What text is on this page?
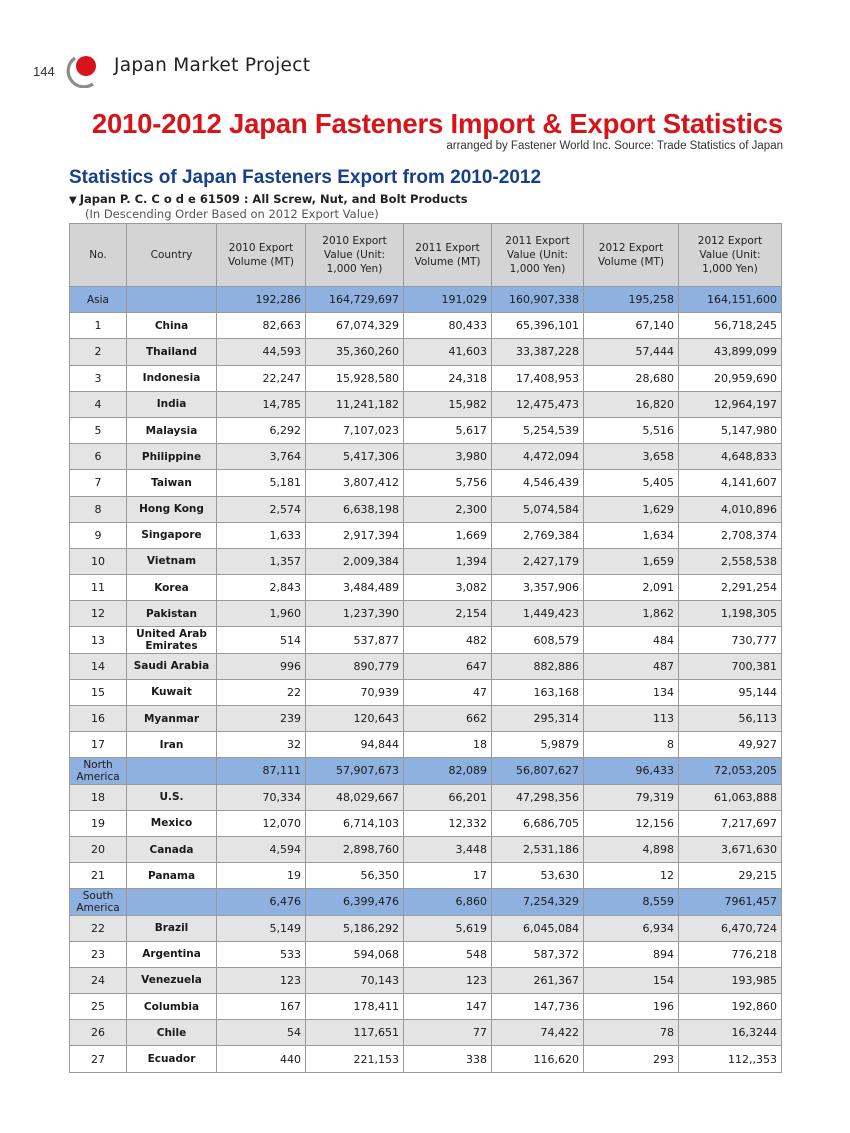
144	Japan Market Project
2010-2012 Japan Fasteners Import & Export Statistics
arranged by Fastener World Inc. Source: Trade Statistics of Japan
Statistics of Japan Fasteners Export from 2010-2012
▼ Japan P. C. C o d e 61509 : All Screw, Nut, and Bolt Products
(In Descending Order Based on 2012 Export Value)
No.	Country	2010 Export Volume (MT)	2010 Export Value (Unit: 1,000 Yen)	2011 Export Volume (MT)	2011 Export Value (Unit: 1,000 Yen)	2012 Export Volume (MT)	2012 Export Value (Unit: 1,000 Yen)
Asia		192,286	164,729,697	191,029	160,907,338	195,258	164,151,600
1	China	82,663	67,074,329	80,433	65,396,101	67,140	56,718,245
2	Thailand	44,593	35,360,260	41,603	33,387,228	57,444	43,899,099
3	Indonesia	22,247	15,928,580	24,318	17,408,953	28,680	20,959,690
4	India	14,785	11,241,182	15,982	12,475,473	16,820	12,964,197
5	Malaysia	6,292	7,107,023	5,617	5,254,539	5,516	5,147,980
6	Philippine	3,764	5,417,306	3,980	4,472,094	3,658	4,648,833
7	Taiwan	5,181	3,807,412	5,756	4,546,439	5,405	4,141,607
8	Hong Kong	2,574	6,638,198	2,300	5,074,584	1,629	4,010,896
9	Singapore	1,633	2,917,394	1,669	2,769,384	1,634	2,708,374
10	Vietnam	1,357	2,009,384	1,394	2,427,179	1,659	2,558,538
11	Korea	2,843	3,484,489	3,082	3,357,906	2,091	2,291,254
12	Pakistan	1,960	1,237,390	2,154	1,449,423	1,862	1,198,305
13	United Arab Emirates	514	537,877	482	608,579	484	730,777
14	Saudi Arabia	996	890,779	647	882,886	487	700,381
15	Kuwait	22	70,939	47	163,168	134	95,144
16	Myanmar	239	120,643	662	295,314	113	56,113
17	Iran	32	94,844	18	5,9879	8	49,927
North America		87,111	57,907,673	82,089	56,807,627	96,433	72,053,205
18	U.S.	70,334	48,029,667	66,201	47,298,356	79,319	61,063,888
19	Mexico	12,070	6,714,103	12,332	6,686,705	12,156	7,217,697
20	Canada	4,594	2,898,760	3,448	2,531,186	4,898	3,671,630
21	Panama	19	56,350	17	53,630	12	29,215
South America		6,476	6,399,476	6,860	7,254,329	8,559	7961,457
22	Brazil	5,149	5,186,292	5,619	6,045,084	6,934	6,470,724
23	Argentina	533	594,068	548	587,372	894	776,218
24	Venezuela	123	70,143	123	261,367	154	193,985
25	Columbia	167	178,411	147	147,736	196	192,860
26	Chile	54	117,651	77	74,422	78	16,3244
27	Ecuador	440	221,153	338	116,620	293	112,,353
